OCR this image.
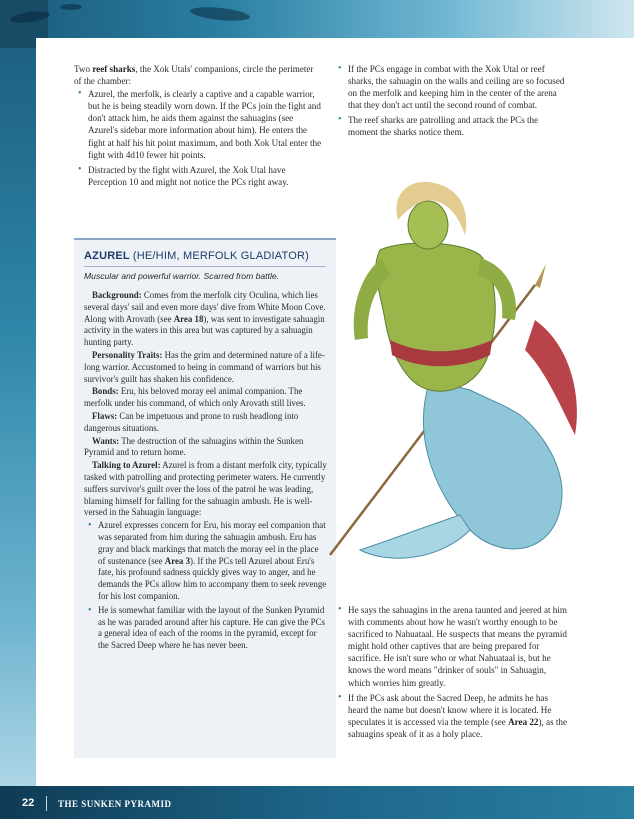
Two reef sharks, the Xok Utals' companions, circle the perimeter of the chamber:

• Azurel, the merfolk, is clearly a captive and a capable warrior, but he is being steadily worn down. If the PCs join the fight and don't attack him, he aids them against the sahuagins (see Azurel's sidebar more information about him). He enters the fight at half his hit point maximum, and both Xok Utal enter the fight with 4d10 fewer hit points.
• Distracted by the fight with Azurel, the Xok Utal have Perception 10 and might not notice the PCs right away.
• If the PCs engage in combat with the Xok Utal or reef sharks, the sahuagin on the walls and ceiling are so focused on the merfolk and keeping him in the center of the arena that they don't act until the second round of combat.
• The reef sharks are patrolling and attack the PCs the moment the sharks notice them.
AZUREL (HE/HIM, MERFOLK GLADIATOR)
Muscular and powerful warrior. Scarred from battle.

Background: Comes from the merfolk city Oculina, which lies several days' sail and even more days' dive from White Moon Cove. Along with Arovath (see Area 18), was sent to investigate sahuagin activity in the waters in this area but was captured by a sahuagin hunting party.

Personality Traits: Has the grim and determined nature of a life-long warrior. Accustomed to being in command of warriors but his survivor's guilt has shaken his confidence.

Bonds: Eru, his beloved moray eel animal companion. The merfolk under his command, of which only Arovath still lives.

Flaws: Can be impetuous and prone to rush headlong into dangerous situations.

Wants: The destruction of the sahuagins within the Sunken Pyramid and to return home.

Talking to Azurel: Azurel is from a distant merfolk city, typically tasked with patrolling and protecting perimeter waters. He currently suffers survivor's guilt over the loss of the patrol he was leading, blaming himself for falling for the sahuagin ambush. He is well-versed in the Sahuagin language:

• Azurel expresses concern for Eru, his moray eel companion that was separated from him during the sahuagin ambush. Eru has gray and black markings that match the moray eel in the place of sustenance (see Area 3). If the PCs tell Azurel about Eru's fate, his profound sadness quickly gives way to anger, and he demands the PCs allow him to accompany them to seek revenge for his lost companion.
• He is somewhat familiar with the layout of the Sunken Pyramid as he was paraded around after his capture. He can give the PCs a general idea of each of the rooms in the pyramid, except for the Sacred Deep where he has never been.
• He says the sahuagins in the arena taunted and jeered at him with comments about how he wasn't worthy enough to be sacrificed to Nahuataal. He suspects that means the pyramid might hold other captives that are being prepared for sacrifice. He isn't sure who or what Nahuataal is, but he knows the word means "drinker of souls" in Sahuagin, which worries him greatly.
• If the PCs ask about the Sacred Deep, he admits he has heard the name but doesn't know where it is located. He speculates it is accessed via the temple (see Area 22), as the sahuagins speak of it as a holy place.
22	THE SUNKEN PYRAMID
